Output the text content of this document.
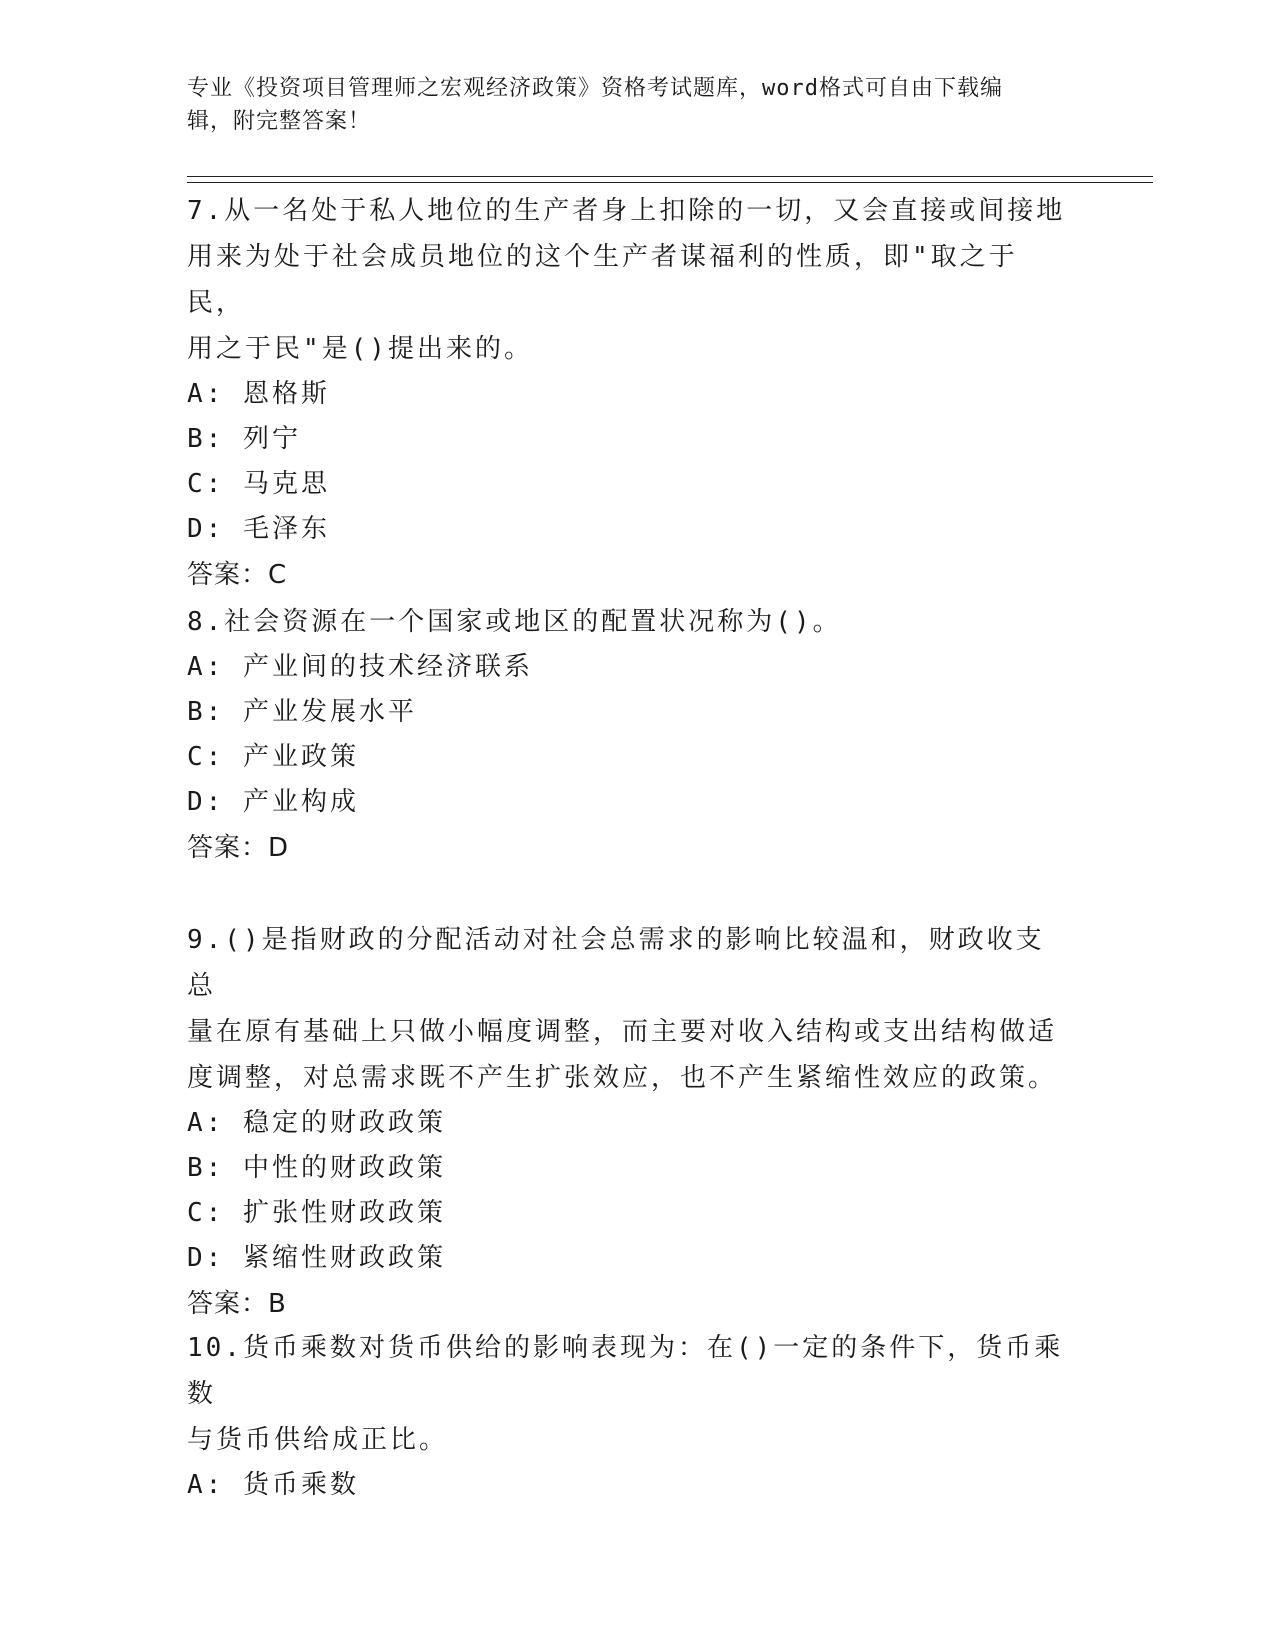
专业《投资项目管理师之宏观经济政策》资格考试题库，word格式可自由下载编
辑，附完整答案！

7.从一名处于私人地位的生产者身上扣除的一切，又会直接或间接地

用来为处于社会成员地位的这个生产者谋福利的性质，即"取之于民，

用之于民"是()提出来的。

A: 恩格斯

B: 列宁

C: 马克思

D: 毛泽东

答案：C

8.社会资源在一个国家或地区的配置状况称为()。

A: 产业间的技术经济联系

B: 产业发展水平

C: 产业政策

D: 产业构成

答案：D

9.()是指财政的分配活动对社会总需求的影响比较温和，财政收支总

量在原有基础上只做小幅度调整，而主要对收入结构或支出结构做适

度调整，对总需求既不产生扩张效应，也不产生紧缩性效应的政策。

A: 稳定的财政政策

B: 中性的财政政策

C: 扩张性财政政策

D: 紧缩性财政政策

答案：B

10.货币乘数对货币供给的影响表现为：在()一定的条件下，货币乘数

与货币供给成正比。

A: 货币乘数
